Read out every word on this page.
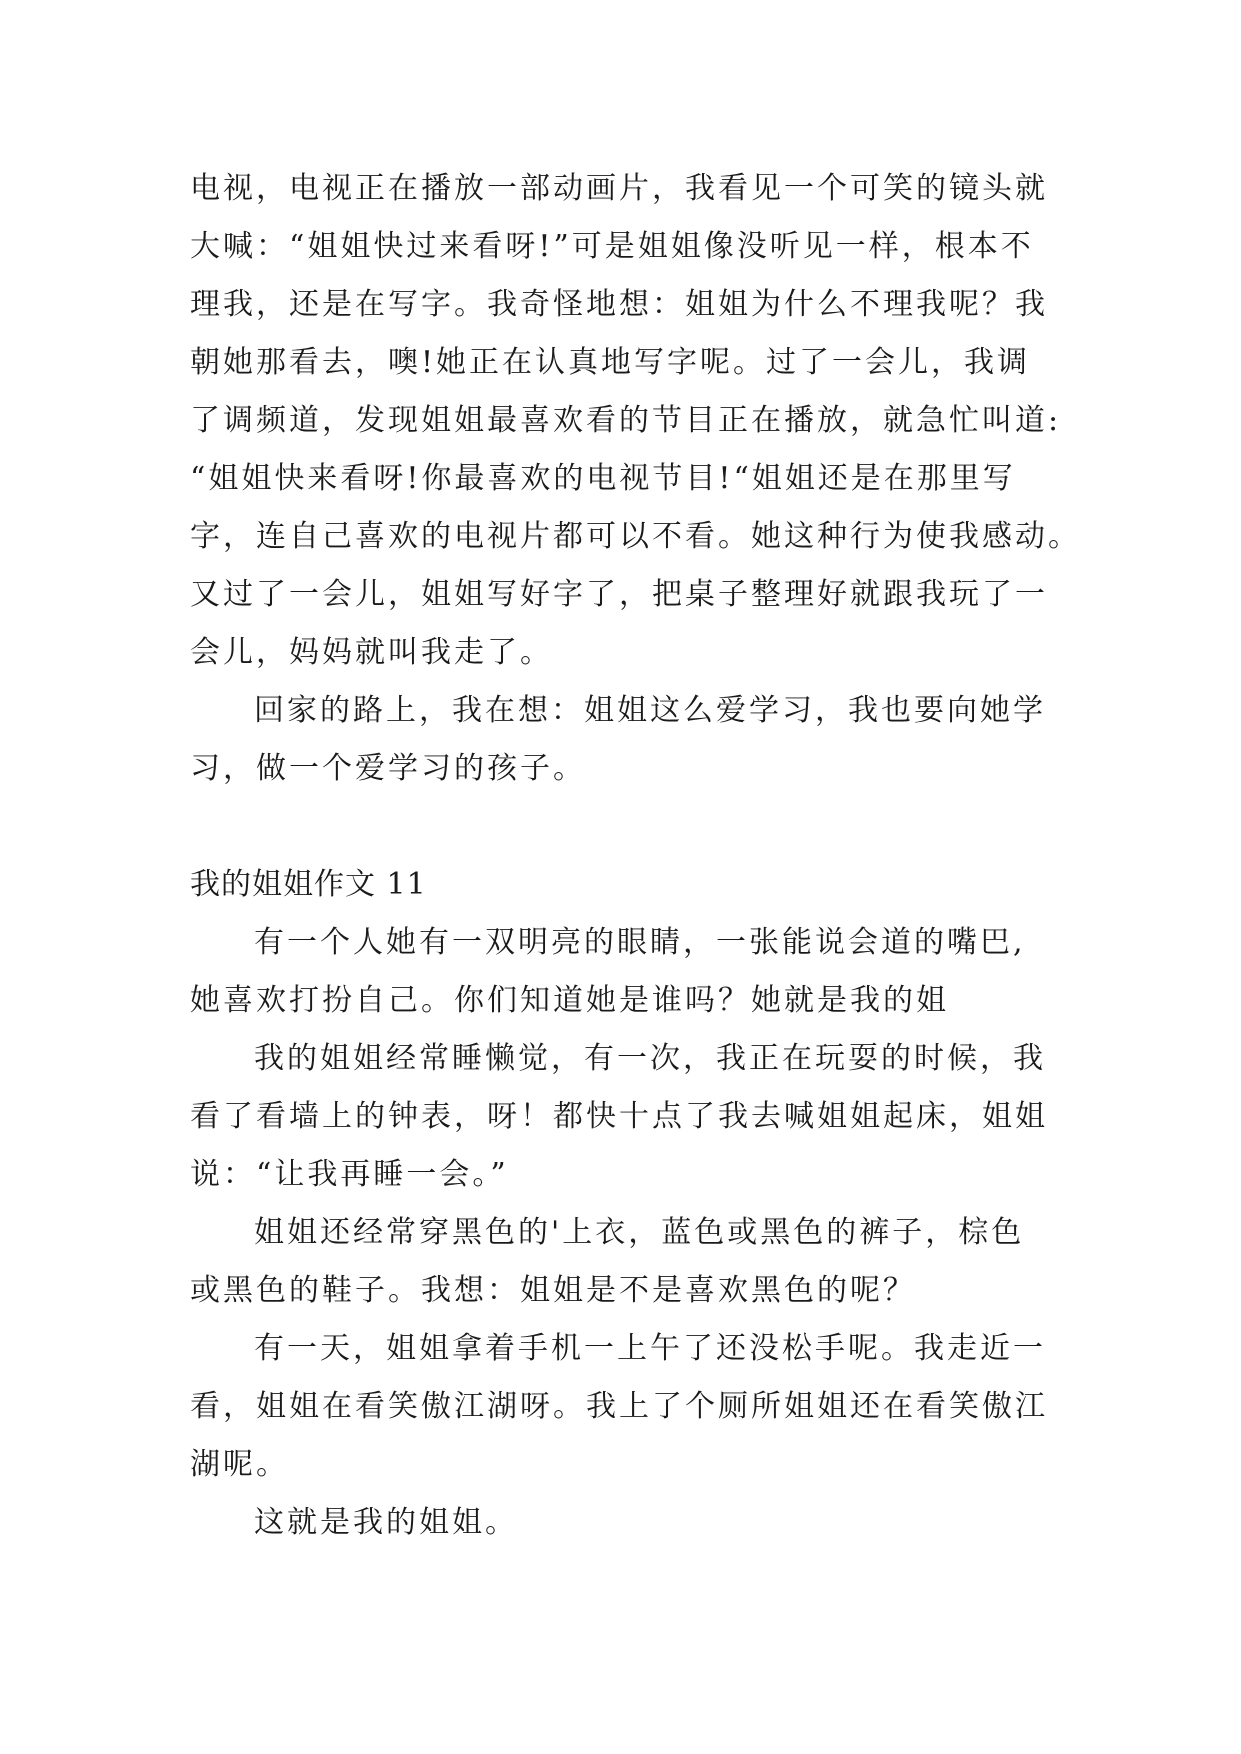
电视，电视正在播放一部动画片，我看见一个可笑的镜头就
大喊：“姐姐快过来看呀!”可是姐姐像没听见一样，根本不
理我，还是在写字。我奇怪地想：姐姐为什么不理我呢？我
朝她那看去，噢!她正在认真地写字呢。过了一会儿，我调
了调频道，发现姐姐最喜欢看的节目正在播放，就急忙叫道:
“姐姐快来看呀!你最喜欢的电视节目!“姐姐还是在那里写
字，连自己喜欢的电视片都可以不看。她这种行为使我感动。
又过了一会儿，姐姐写好字了，把桌子整理好就跟我玩了一
会儿，妈妈就叫我走了。
回家的路上，我在想：姐姐这么爱学习，我也要向她学
习，做一个爱学习的孩子。
我的姐姐作文 11
有一个人她有一双明亮的眼睛，一张能说会道的嘴巴,
她喜欢打扮自己。你们知道她是谁吗？她就是我的姐
我的姐姐经常睡懒觉，有一次，我正在玩耍的时候，我
看了看墙上的钟表，呀！都快十点了我去喊姐姐起床，姐姐
说：“让我再睡一会。”
姐姐还经常穿黑色的'上衣，蓝色或黑色的裤子，棕色
或黑色的鞋子。我想：姐姐是不是喜欢黑色的呢？
有一天，姐姐拿着手机一上午了还没松手呢。我走近一
看，姐姐在看笑傲江湖呀。我上了个厕所姐姐还在看笑傲江
湖呢。
这就是我的姐姐。
